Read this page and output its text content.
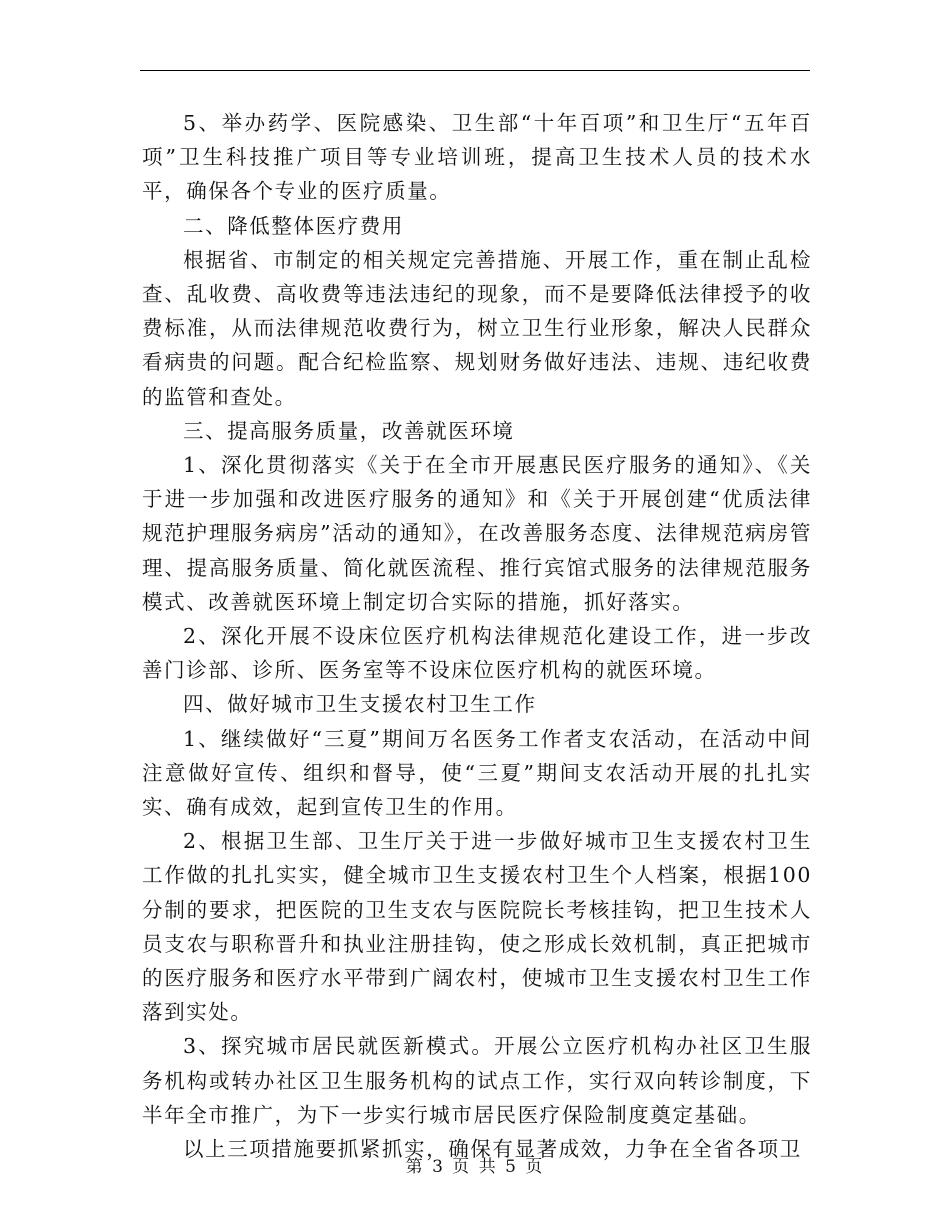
5、举办药学、医院感染、卫生部“十年百项”和卫生厅“五年百项”卫生科技推广项目等专业培训班，提高卫生技术人员的技术水平，确保各个专业的医疗质量。

二、降低整体医疗费用

根据省、市制定的相关规定完善措施、开展工作，重在制止乱检查、乱收费、高收费等违法违纪的现象，而不是要降低法律授予的收费标准，从而法律规范收费行为，树立卫生行业形象，解决人民群众看病贵的问题。配合纪检监察、规划财务做好违法、违规、违纪收费的监管和查处。

三、提高服务质量，改善就医环境

1、深化贯彻落实《关于在全市开展惠民医疗服务的通知》、《关于进一步加强和改进医疗服务的通知》和《关于开展创建“优质法律规范护理服务病房”活动的通知》，在改善服务态度、法律规范病房管理、提高服务质量、简化就医流程、推行宾馆式服务的法律规范服务模式、改善就医环境上制定切合实际的措施，抓好落实。

2、深化开展不设床位医疗机构法律规范化建设工作，进一步改善门诊部、诊所、医务室等不设床位医疗机构的就医环境。

四、做好城市卫生支援农村卫生工作

1、继续做好“三夏”期间万名医务工作者支农活动，在活动中间注意做好宣传、组织和督导，使“三夏”期间支农活动开展的扎扎实实、确有成效，起到宣传卫生的作用。

2、根据卫生部、卫生厅关于进一步做好城市卫生支援农村卫生工作做的扎扎实实，健全城市卫生支援农村卫生个人档案，根据100分制的要求，把医院的卫生支农与医院院长考核挂钩，把卫生技术人员支农与职称晋升和执业注册挂钩，使之形成长效机制，真正把城市的医疗服务和医疗水平带到广阔农村，使城市卫生支援农村卫生工作落到实处。

3、探究城市居民就医新模式。开展公立医疗机构办社区卫生服务机构或转办社区卫生服务机构的试点工作，实行双向转诊制度，下半年全市推广，为下一步实行城市居民医疗保险制度奠定基础。

以上三项措施要抓紧抓实，确保有显著成效，力争在全省各项卫

第 3 页 共 5 页
